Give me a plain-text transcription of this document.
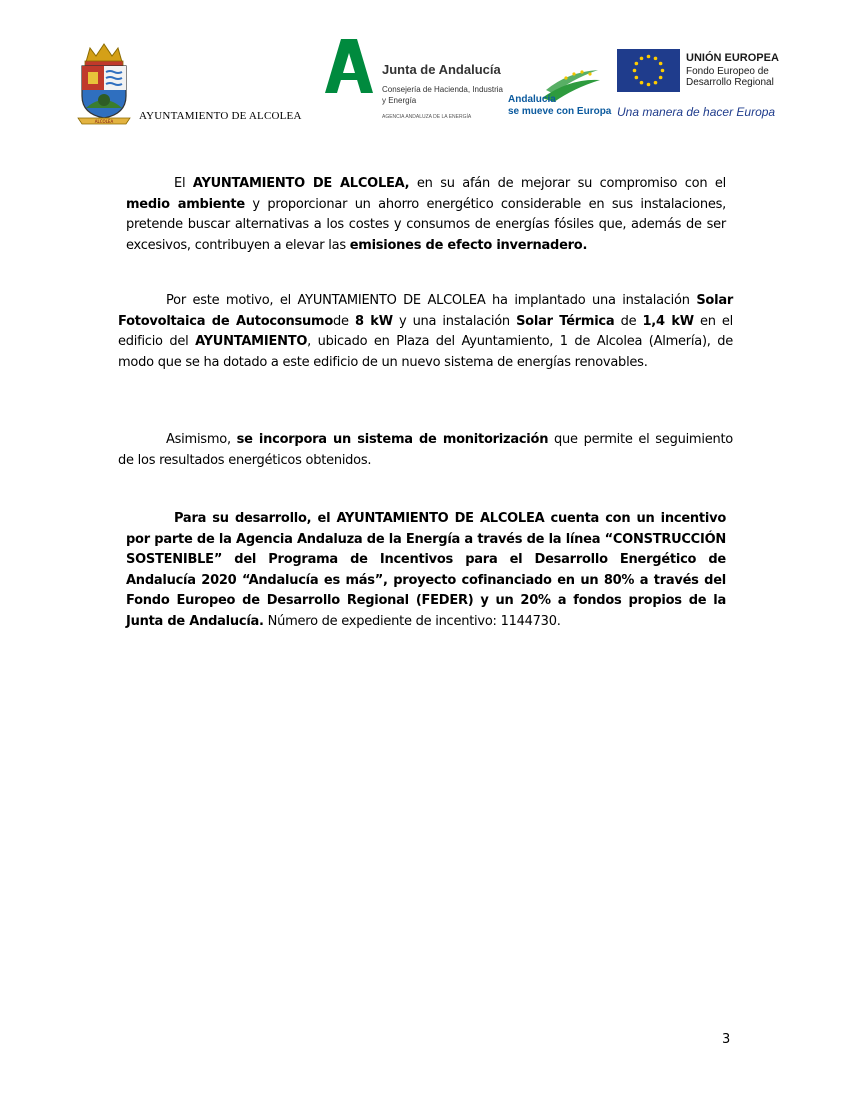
ALCOLEA AYUNTAMIENTO DE ALCOLEA
Junta de Andalucía
Consejería de Hacienda, Industria y Energía
AGENCIA ANDALUZA DE LA ENERGÍA
Andalucía
se mueve con Europa
UNIÓN EUROPEA
Fondo Europeo de
Desarrollo Regional
Una manera de hacer Europa

El AYUNTAMIENTO DE ALCOLEA, en su afán de mejorar su compromiso con el medio ambiente y proporcionar un ahorro energético considerable en sus instalaciones, pretende buscar alternativas a los costes y consumos de energías fósiles que, además de ser excesivos, contribuyen a elevar las emisiones de efecto invernadero.

Por este motivo, el AYUNTAMIENTO DE ALCOLEA ha implantado una instalación Solar Fotovoltaica de Autoconsumode 8 kW y una instalación Solar Térmica de 1,4 kW en el edificio del AYUNTAMIENTO, ubicado en Plaza del Ayuntamiento, 1 de Alcolea (Almería), de modo que se ha dotado a este edificio de un nuevo sistema de energías renovables.

Asimismo, se incorpora un sistema de monitorización que permite el seguimiento de los resultados energéticos obtenidos.

Para su desarrollo, el AYUNTAMIENTO DE ALCOLEA cuenta con un incentivo por parte de la Agencia Andaluza de la Energía a través de la línea “CONSTRUCCIÓN SOSTENIBLE” del Programa de Incentivos para el Desarrollo Energético de Andalucía 2020 “Andalucía es más”, proyecto cofinanciado en un 80% a través del Fondo Europeo de Desarrollo Regional (FEDER) y un 20% a fondos propios de la Junta de Andalucía. Número de expediente de incentivo: 1144730.

3
